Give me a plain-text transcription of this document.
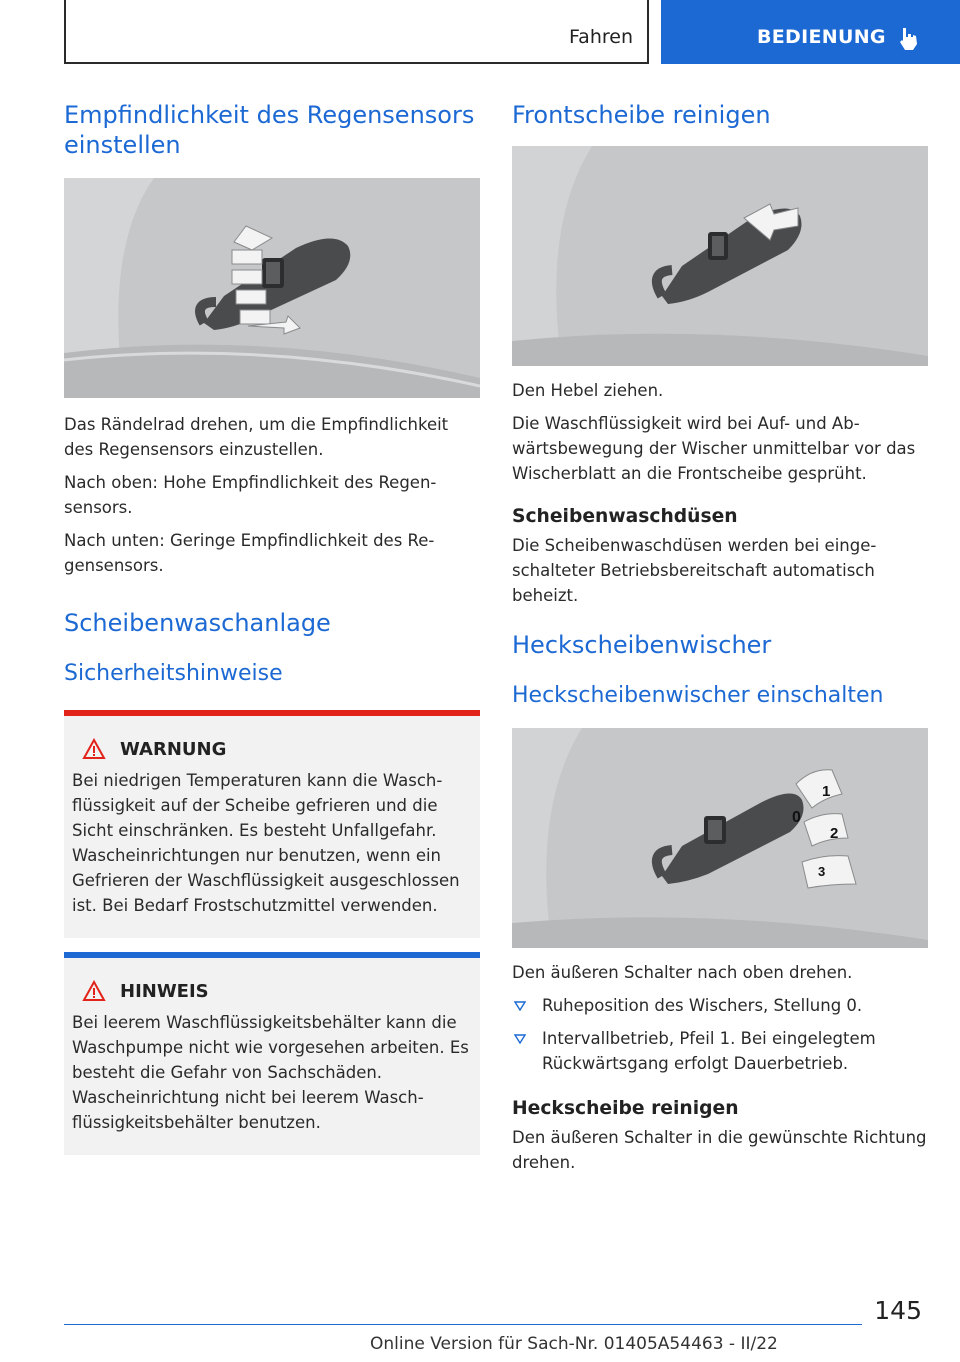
Fahren	BEDIENUNG
Empfindlichkeit des Regensensors einstellen

Das Rändelrad drehen, um die Empfindlichkeit des Regensensors einzustellen.

Nach oben: Hohe Empfindlichkeit des Regensensors.

Nach unten: Geringe Empfindlichkeit des Regensensors.

Scheibenwaschanlage
Sicherheitshinweise
WARNUNG

Bei niedrigen Temperaturen kann die Waschflüssigkeit auf der Scheibe gefrieren und die Sicht einschränken. Es besteht Unfallgefahr. Wascheinrichtungen nur benutzen, wenn ein Gefrieren der Waschflüssigkeit ausgeschlossen ist. Bei Bedarf Frostschutzmittel verwenden.

HINWEIS

Bei leerem Waschflüssigkeitsbehälter kann die Waschpumpe nicht wie vorgesehen arbeiten. Es besteht die Gefahr von Sachschäden. Wascheinrichtung nicht bei leerem Waschflüssigkeitsbehälter benutzen.

Frontscheibe reinigen

Den Hebel ziehen.

Die Waschflüssigkeit wird bei Auf- und Abwärtsbewegung der Wischer unmittelbar vor das Wischerblatt an die Frontscheibe gesprüht.

Scheibenwaschdüsen

Die Scheibenwaschdüsen werden bei eingeschalteter Betriebsbereitschaft automatisch beheizt.

Heckscheibenwischer
Heckscheibenwischer einschalten
0
1
2
3

Den äußeren Schalter nach oben drehen.

Ruheposition des Wischers, Stellung 0.
Intervallbetrieb, Pfeil 1. Bei eingelegtem Rückwärtsgang erfolgt Dauerbetrieb.
Heckscheibe reinigen

Den äußeren Schalter in die gewünschte Richtung drehen.

145
Online Version für Sach-Nr. 01405A54463 - II/22
